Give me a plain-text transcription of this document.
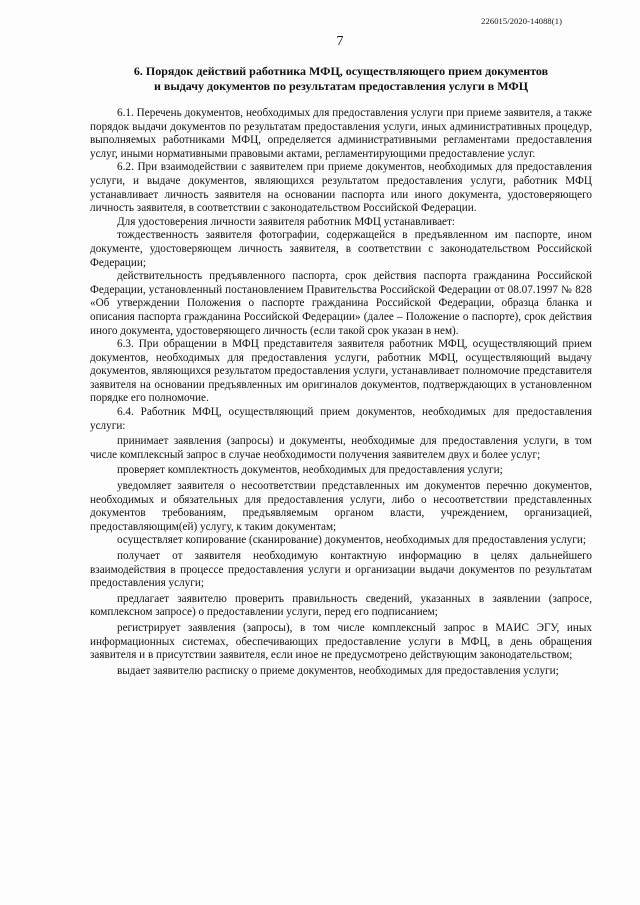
226015/2020-14088(1)
7
6. Порядок действий работника МФЦ, осуществляющего прием документов
и выдачу документов по результатам предоставления услуги в МФЦ

6.1. Перечень документов, необходимых для предоставления услуги при приеме заявителя, а также порядок выдачи документов по результатам предоставления услуги, иных административных процедур, выполняемых работниками МФЦ, определяется административными регламентами предоставления услуг, иными нормативными правовыми актами, регламентирующими предоставление услуг.

6.2. При взаимодействии с заявителем при приеме документов, необходимых для предоставления услуги, и выдаче документов, являющихся результатом предоставления услуги, работник МФЦ устанавливает личность заявителя на основании паспорта или иного документа, удостоверяющего личность заявителя, в соответствии с законодательством Российской Федерации.

Для удостоверения личности заявителя работник МФЦ устанавливает:

тождественность заявителя фотографии, содержащейся в предъявленном им паспорте, ином документе, удостоверяющем личность заявителя, в соответствии с законодательством Российской Федерации;

действительность предъявленного паспорта, срок действия паспорта гражданина Российской Федерации, установленный постановлением Правительства Российской Федерации от 08.07.1997 № 828 «Об утверждении Положения о паспорте гражданина Российской Федерации, образца бланка и описания паспорта гражданина Российской Федерации» (далее – Положение о паспорте), срок действия иного документа, удостоверяющего личность (если такой срок указан в нем).

6.3. При обращении в МФЦ представителя заявителя работник МФЦ, осуществляющий прием документов, необходимых для предоставления услуги, работник МФЦ, осуществляющий выдачу документов, являющихся результатом предоставления услуги, устанавливает полномочие представителя заявителя на основании предъявленных им оригиналов документов, подтверждающих в установленном порядке его полномочие.

6.4. Работник МФЦ, осуществляющий прием документов, необходимых для предоставления услуги:

принимает заявления (запросы) и документы, необходимые для предоставления услуги, в том числе комплексный запрос в случае необходимости получения заявителем двух и более услуг;

проверяет комплектность документов, необходимых для предоставления услуги;

уведомляет заявителя о несоответствии представленных им документов перечню документов, необходимых и обязательных для предоставления услуги, либо о несоответствии представленных документов требованиям, предъявляемым органом власти, учреждением, организацией, предоставляющим(ей) услугу, к таким документам;

осуществляет копирование (сканирование) документов, необходимых для предоставления услуги;

получает от заявителя необходимую контактную информацию в целях дальнейшего взаимодействия в процессе предоставления услуги и организации выдачи документов по результатам предоставления услуги;

предлагает заявителю проверить правильность сведений, указанных в заявлении (запросе, комплексном запросе) о предоставлении услуги, перед его подписанием;

регистрирует заявления (запросы), в том числе комплексный запрос в МАИС ЭГУ, иных информационных системах, обеспечивающих предоставление услуги в МФЦ, в день обращения заявителя и в присутствии заявителя, если иное не предусмотрено действующим законодательством;

выдает заявителю расписку о приеме документов, необходимых для предоставления услуги;
